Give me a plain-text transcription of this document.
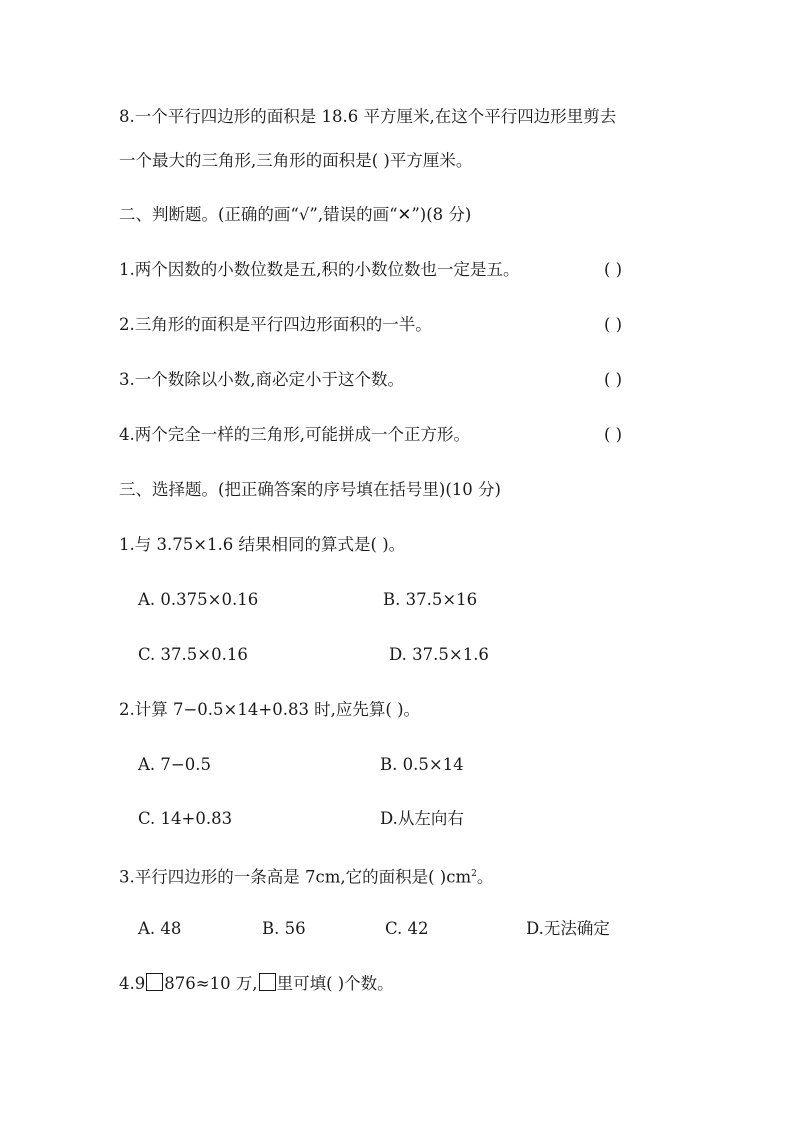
8.一个平行四边形的面积是 18.6 平方厘米,在这个平行四边形里剪去
一个最大的三角形,三角形的面积是( )平方厘米。
二、判断题。(正确的画“√”,错误的画“✕”)(8 分)
1.两个因数的小数位数是五,积的小数位数也一定是五。	( )
2.三角形的面积是平行四边形面积的一半。	( )
3.一个数除以小数,商必定小于这个数。	( )
4.两个完全一样的三角形,可能拼成一个正方形。	( )
三、选择题。(把正确答案的序号填在括号里)(10 分)
1.与 3.75×1.6 结果相同的算式是( )。
A. 0.375×0.16	B. 37.5×16
C. 37.5×0.16	D. 37.5×1.6
2.计算 7−0.5×14+0.83 时,应先算( )。
A. 7−0.5	B. 0.5×14
C. 14+0.83	D.从左向右
3.平行四边形的一条高是 7cm,它的面积是( )$cm^2$。
A. 48	B. 56	C. 42	D.无法确定
4.9 876≈10 万, 里可填( )个数。
